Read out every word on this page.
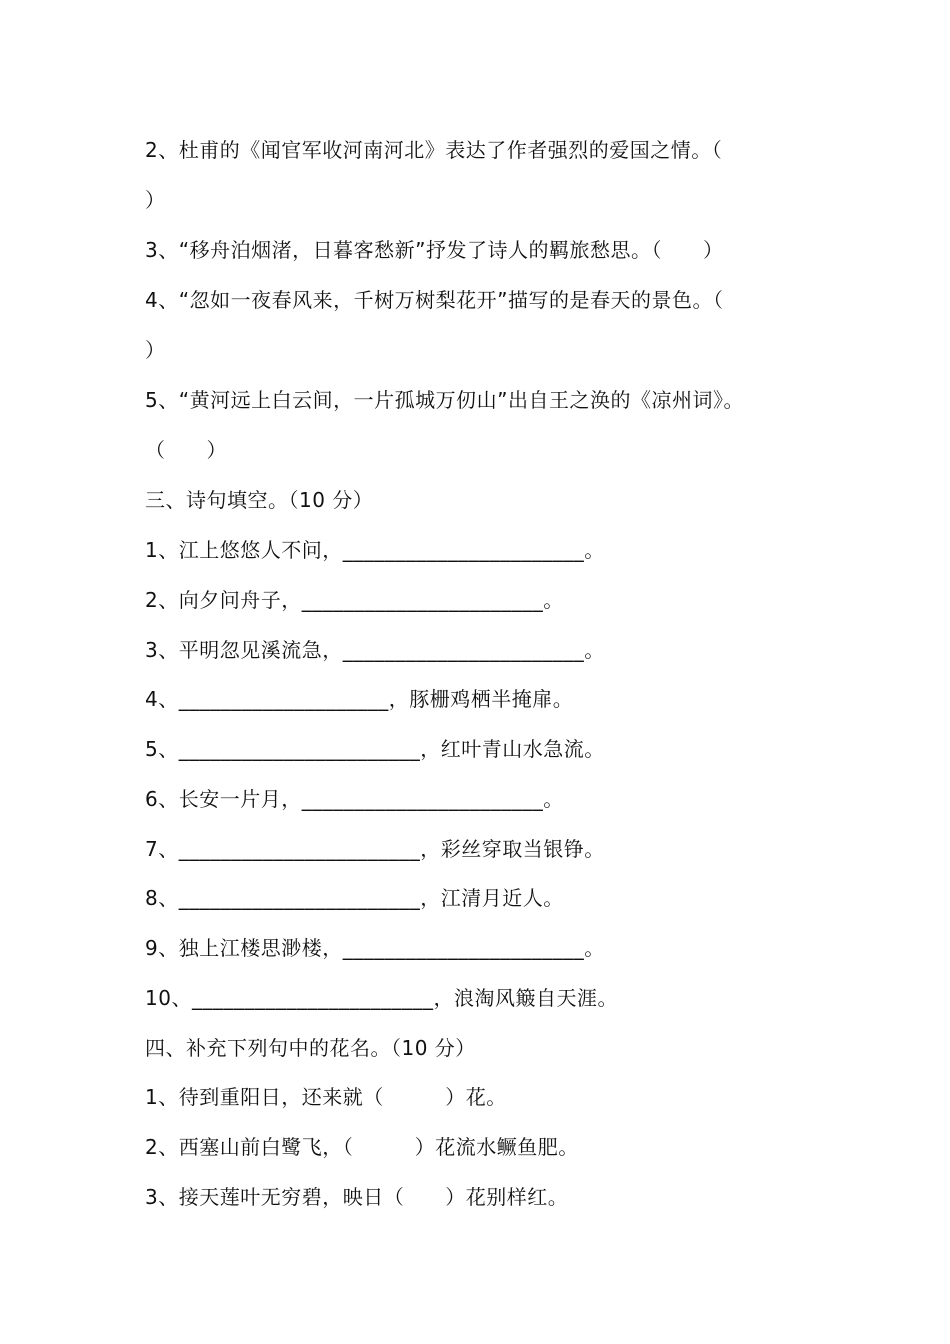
2、杜甫的《闻官军收河南河北》表达了作者强烈的爱国之情。（
）
3、“移舟泊烟渚，日暮客愁新”抒发了诗人的羁旅愁思。（　　）
4、“忽如一夜春风来，千树万树梨花开”描写的是春天的景色。（
）
5、“黄河远上白云间，一片孤城万仞山”出自王之涣的《凉州词》。
（　　）
三、诗句填空。（10 分）
1、江上悠悠人不问，_______________________。
2、向夕问舟子，_______________________。
3、平明忽见溪流急，_______________________。
4、____________________，豚栅鸡栖半掩扉。
5、_______________________，红叶青山水急流。
6、长安一片月，_______________________。
7、_______________________，彩丝穿取当银铮。
8、_______________________，江清月近人。
9、独上江楼思渺楼，_______________________。
10、_______________________，浪淘风簸自天涯。
四、补充下列句中的花名。（10 分）
1、待到重阳日，还来就（　　　）花。
2、西塞山前白鹭飞，（　　　）花流水鳜鱼肥。
3、接天莲叶无穷碧，映日（　　）花别样红。
